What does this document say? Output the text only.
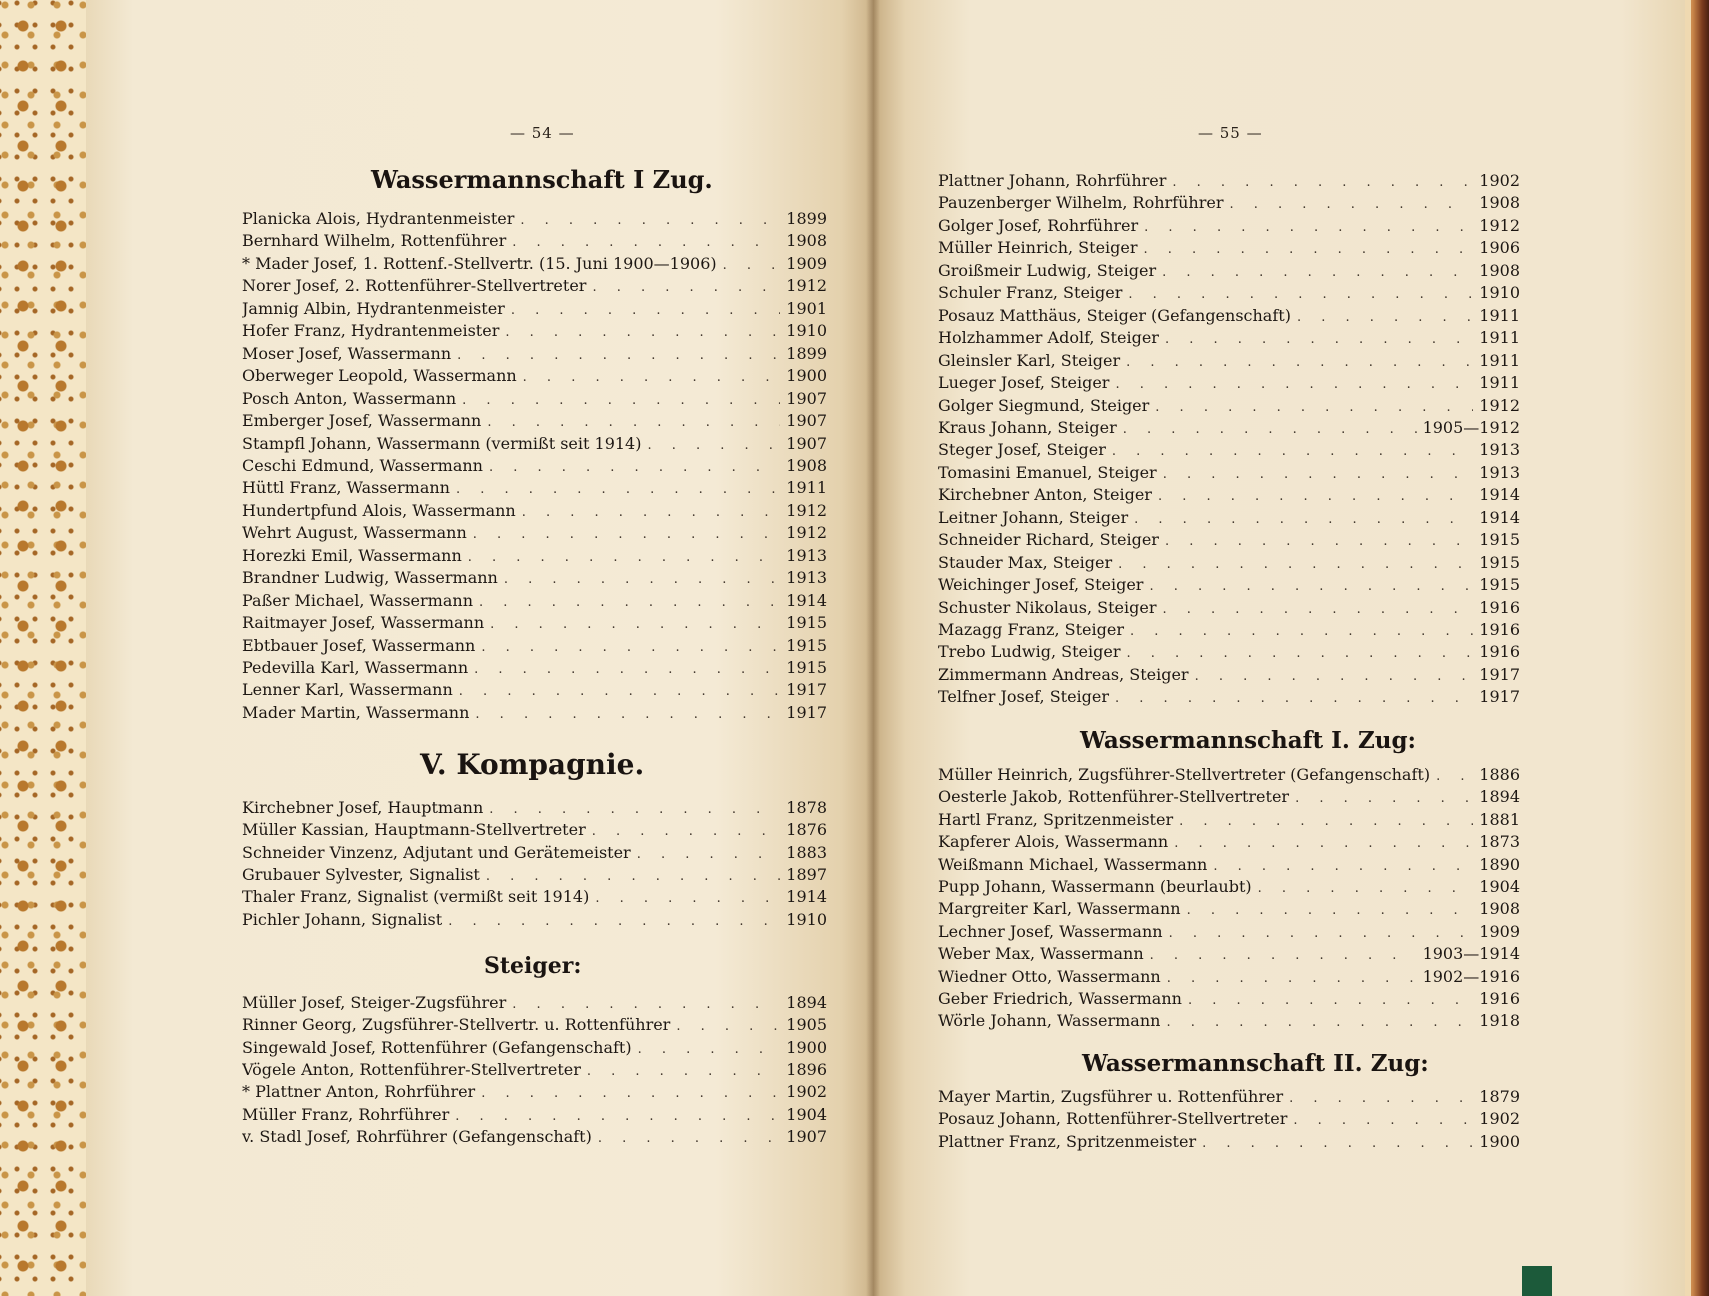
— 54 —
Wassermannschaft I Zug.
V. Kompagnie.
Steiger:
— 55 —
Wassermannschaft I. Zug:
Wassermannschaft II. Zug:
Planicka Alois, Hydrantenmeister . . .	1899
Bernhard Wilhelm, Rottenführer . . .	1908
* Mader Josef, 1. Rottenf.-Stellvertr. (15. Juni 1900—1906) . . .	1909
Norer Josef, 2. Rottenführer-Stellvertreter . . .	1912
Jamnig Albin, Hydrantenmeister . . .	1901
Hofer Franz, Hydrantenmeister . . .	1910
Moser Josef, Wassermann . . .	1899
Oberweger Leopold, Wassermann . . .	1900
Posch Anton, Wassermann . . .	1907
Emberger Josef, Wassermann . . .	1907
Stampfl Johann, Wassermann (vermißt seit 1914) . . .	1907
Ceschi Edmund, Wassermann . . .	1908
Hüttl Franz, Wassermann . . .	1911
Hundertpfund Alois, Wassermann . . .	1912
Wehrt August, Wassermann . . .	1912
Horezki Emil, Wassermann . . .	1913
Brandner Ludwig, Wassermann . . .	1913
Paßer Michael, Wassermann . . .	1914
Raitmayer Josef, Wassermann . . .	1915
Ebtbauer Josef, Wassermann . . .	1915
Pedevilla Karl, Wassermann . . .	1915
Lenner Karl, Wassermann . . .	1917
Mader Martin, Wassermann . . .	1917
Kirchebner Josef, Hauptmann . . .	1878
Müller Kassian, Hauptmann-Stellvertreter . . .	1876
Schneider Vinzenz, Adjutant und Gerätemeister . . .	1883
Grubauer Sylvester, Signalist . . .	1897
Thaler Franz, Signalist (vermißt seit 1914) . . .	1914
Pichler Johann, Signalist . . .	1910
Müller Josef, Steiger-Zugsführer . . .	1894
Rinner Georg, Zugsführer-Stellvertr. u. Rottenführer . . .	1905
Singewald Josef, Rottenführer (Gefangenschaft) . . .	1900
Vögele Anton, Rottenführer-Stellvertreter . . .	1896
* Plattner Anton, Rohrführer . . .	1902
Müller Franz, Rohrführer . . .	1904
v. Stadl Josef, Rohrführer (Gefangenschaft) . . .	1907
Plattner Johann, Rohrführer . . .	1902
Pauzenberger Wilhelm, Rohrführer . . .	1908
Golger Josef, Rohrführer . . .	1912
Müller Heinrich, Steiger . . .	1906
Groißmeir Ludwig, Steiger . . .	1908
Schuler Franz, Steiger . . .	1910
Posauz Matthäus, Steiger (Gefangenschaft) . . .	1911
Holzhammer Adolf, Steiger . . .	1911
Gleinsler Karl, Steiger . . .	1911
Lueger Josef, Steiger . . .	1911
Golger Siegmund, Steiger . . .	1912
Kraus Johann, Steiger . . .	1905—1912
Steger Josef, Steiger . . .	1913
Tomasini Emanuel, Steiger . . .	1913
Kirchebner Anton, Steiger . . .	1914
Leitner Johann, Steiger . . .	1914
Schneider Richard, Steiger . . .	1915
Stauder Max, Steiger . . .	1915
Weichinger Josef, Steiger . . .	1915
Schuster Nikolaus, Steiger . . .	1916
Mazagg Franz, Steiger . . .	1916
Trebo Ludwig, Steiger . . .	1916
Zimmermann Andreas, Steiger . . .	1917
Telfner Josef, Steiger . . .	1917
Müller Heinrich, Zugsführer-Stellvertreter (Gefangenschaft) . . .	1886
Oesterle Jakob, Rottenführer-Stellvertreter . . .	1894
Hartl Franz, Spritzenmeister . . .	1881
Kapferer Alois, Wassermann . . .	1873
Weißmann Michael, Wassermann . . .	1890
Pupp Johann, Wassermann (beurlaubt) . . .	1904
Margreiter Karl, Wassermann . . .	1908
Lechner Josef, Wassermann . . .	1909
Weber Max, Wassermann . . .	1903—1914
Wiedner Otto, Wassermann . . .	1902—1916
Geber Friedrich, Wassermann . . .	1916
Wörle Johann, Wassermann . . .	1918
Mayer Martin, Zugsführer u. Rottenführer . . .	1879
Posauz Johann, Rottenführer-Stellvertreter . . .	1902
Plattner Franz, Spritzenmeister . . .	1900
